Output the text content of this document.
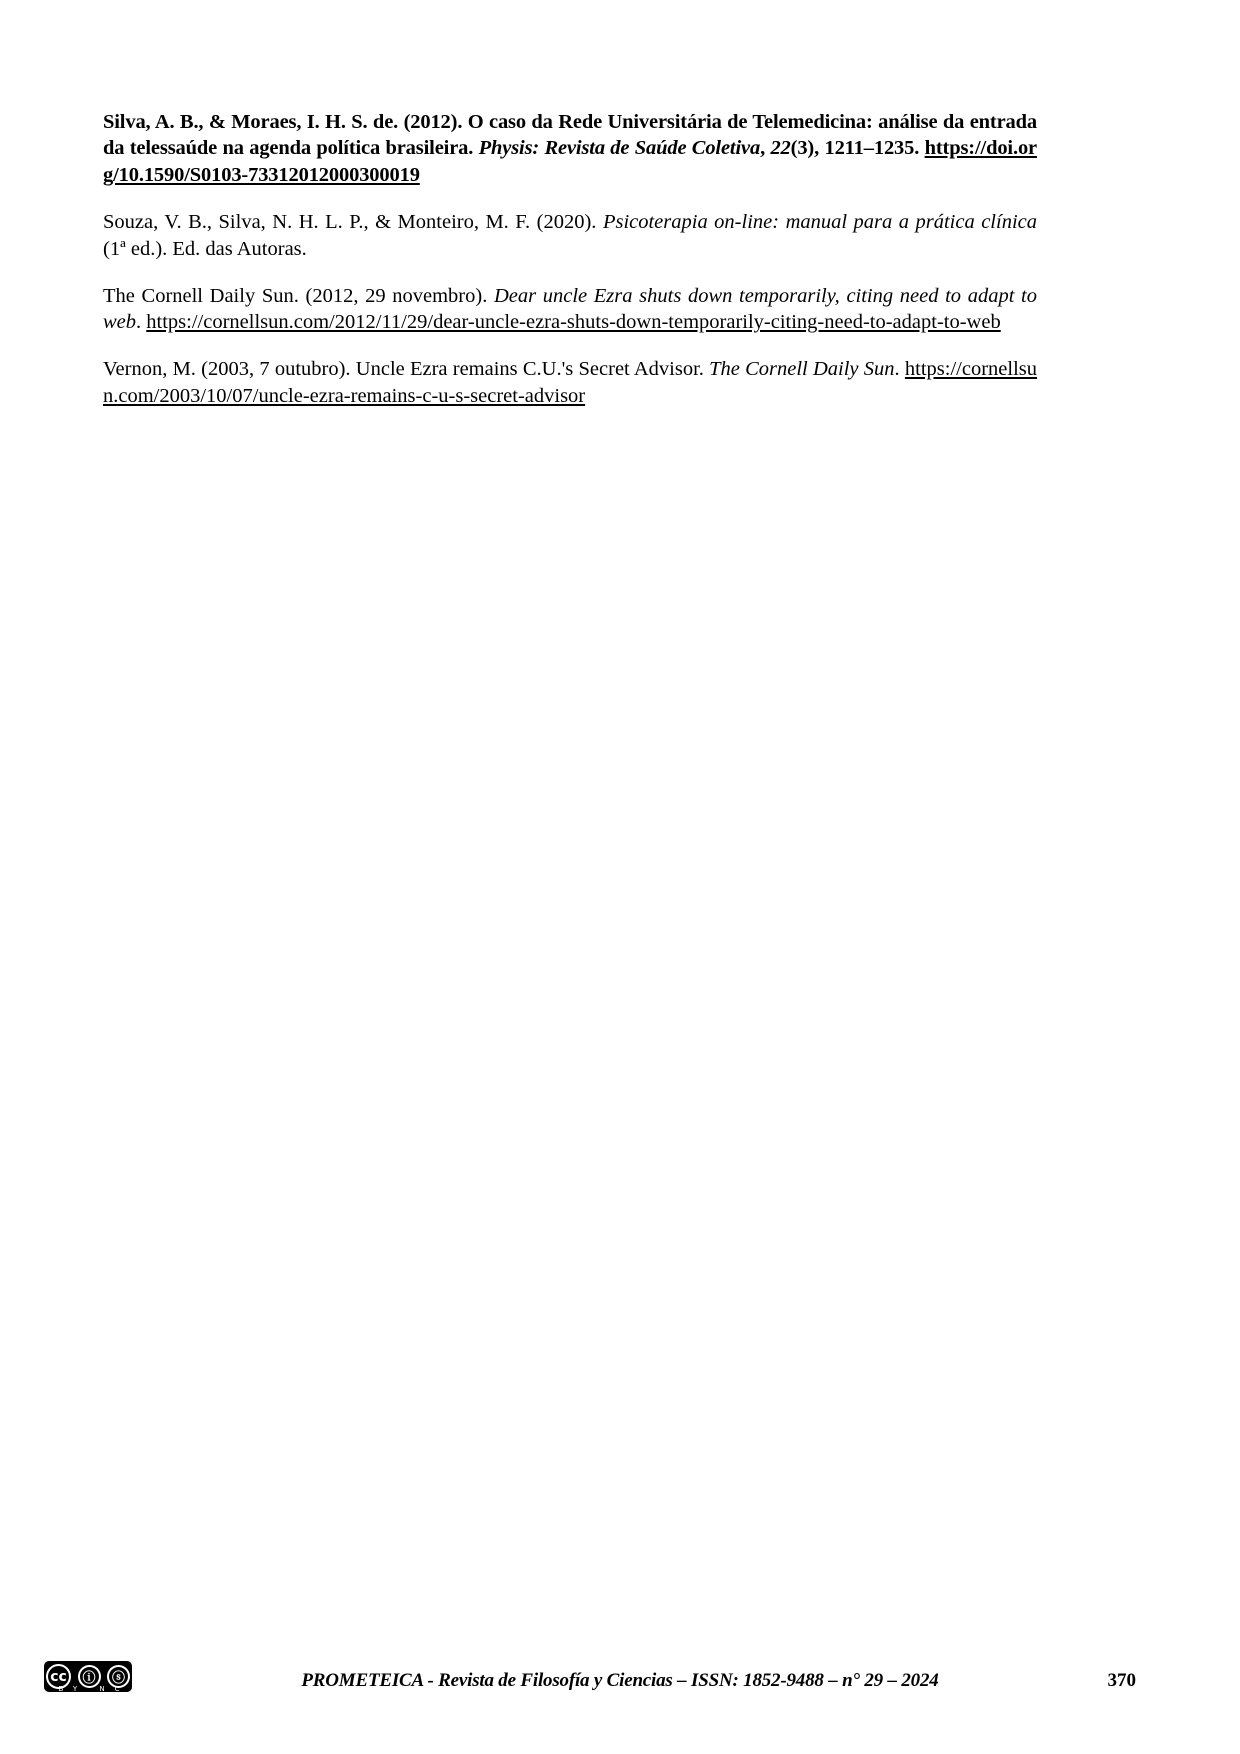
Silva, A. B., & Moraes, I. H. S. de. (2012). O caso da Rede Universitária de Telemedicina: análise da entrada da telessaúde na agenda política brasileira. Physis: Revista de Saúde Coletiva, 22(3), 1211–1235. https://doi.org/10.1590/S0103-73312012000300019

Souza, V. B., Silva, N. H. L. P., & Monteiro, M. F. (2020). Psicoterapia on-line: manual para a prática clínica (1ª ed.). Ed. das Autoras.

The Cornell Daily Sun. (2012, 29 novembro). Dear uncle Ezra shuts down temporarily, citing need to adapt to web. https://cornellsun.com/2012/11/29/dear-uncle-ezra-shuts-down-temporarily-citing-need-to-adapt-to-web

Vernon, M. (2003, 7 outubro). Uncle Ezra remains C.U.'s Secret Advisor. The Cornell Daily Sun. https://cornellsun.com/2003/10/07/uncle-ezra-remains-c-u-s-secret-advisor

cc	ⓘ	ⓢ
BY NC	PROMETEICA - Revista de Filosofía y Ciencias – ISSN: 1852-9488 – n° 29 – 2024	370
